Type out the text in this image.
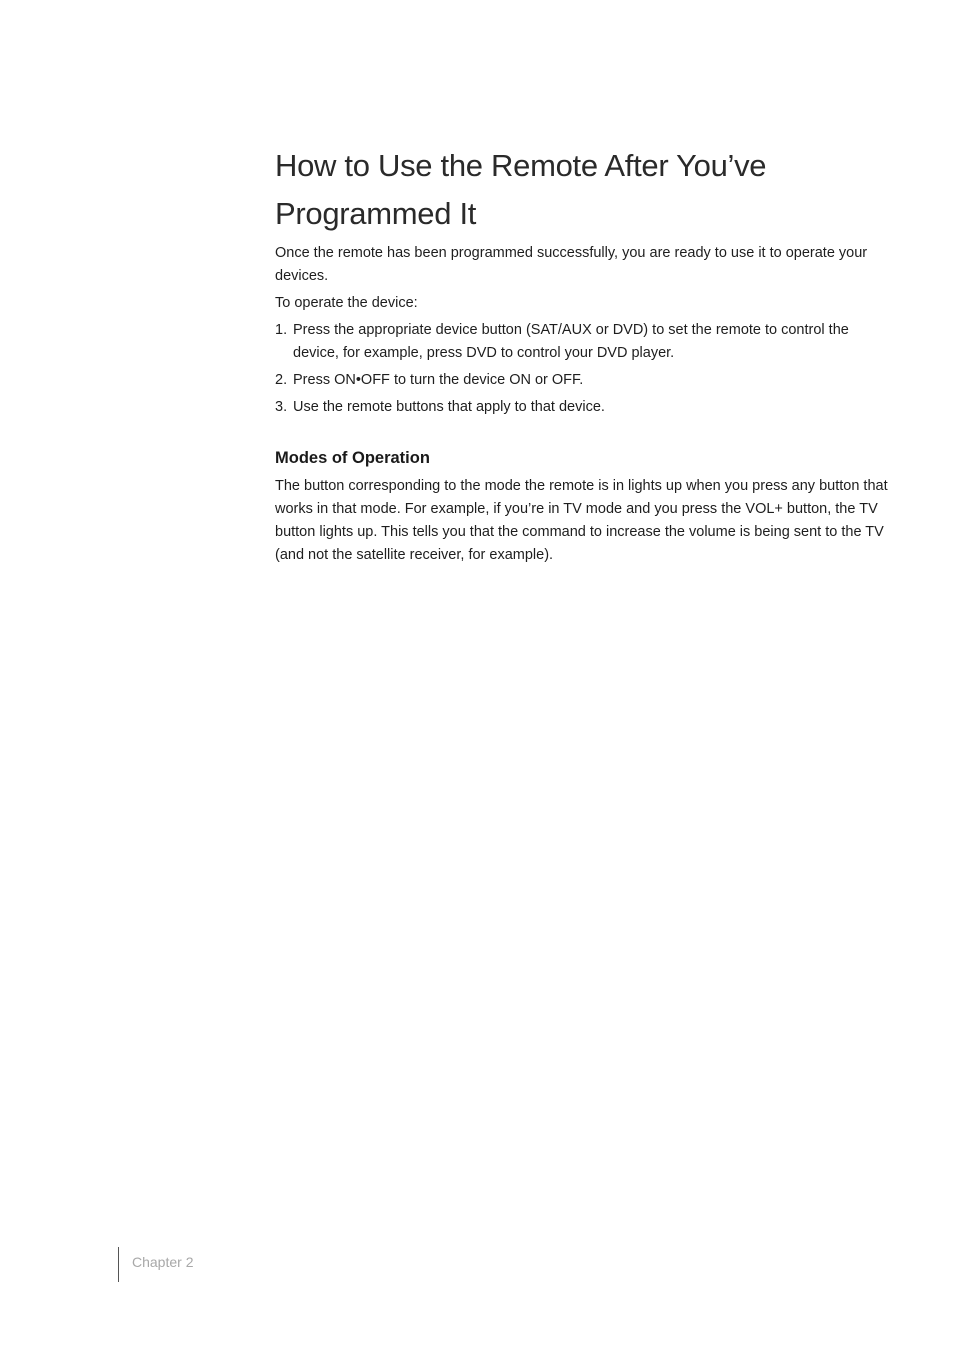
How to Use the Remote After You’ve Programmed It

Once the remote has been programmed successfully, you are ready to use it to operate your devices.

To operate the device:

1. Press the appropriate device button (SAT/AUX or DVD) to set the remote to control the device, for example, press DVD to control your DVD player.
2. Press ON•OFF to turn the device ON or OFF.
3. Use the remote buttons that apply to that device.
Modes of Operation

The button corresponding to the mode the remote is in lights up when you press any button that works in that mode. For example, if you’re in TV mode and you press the VOL+ button, the TV button lights up. This tells you that the command to increase the volume is being sent to the TV (and not the satellite receiver, for example).

Chapter 2
